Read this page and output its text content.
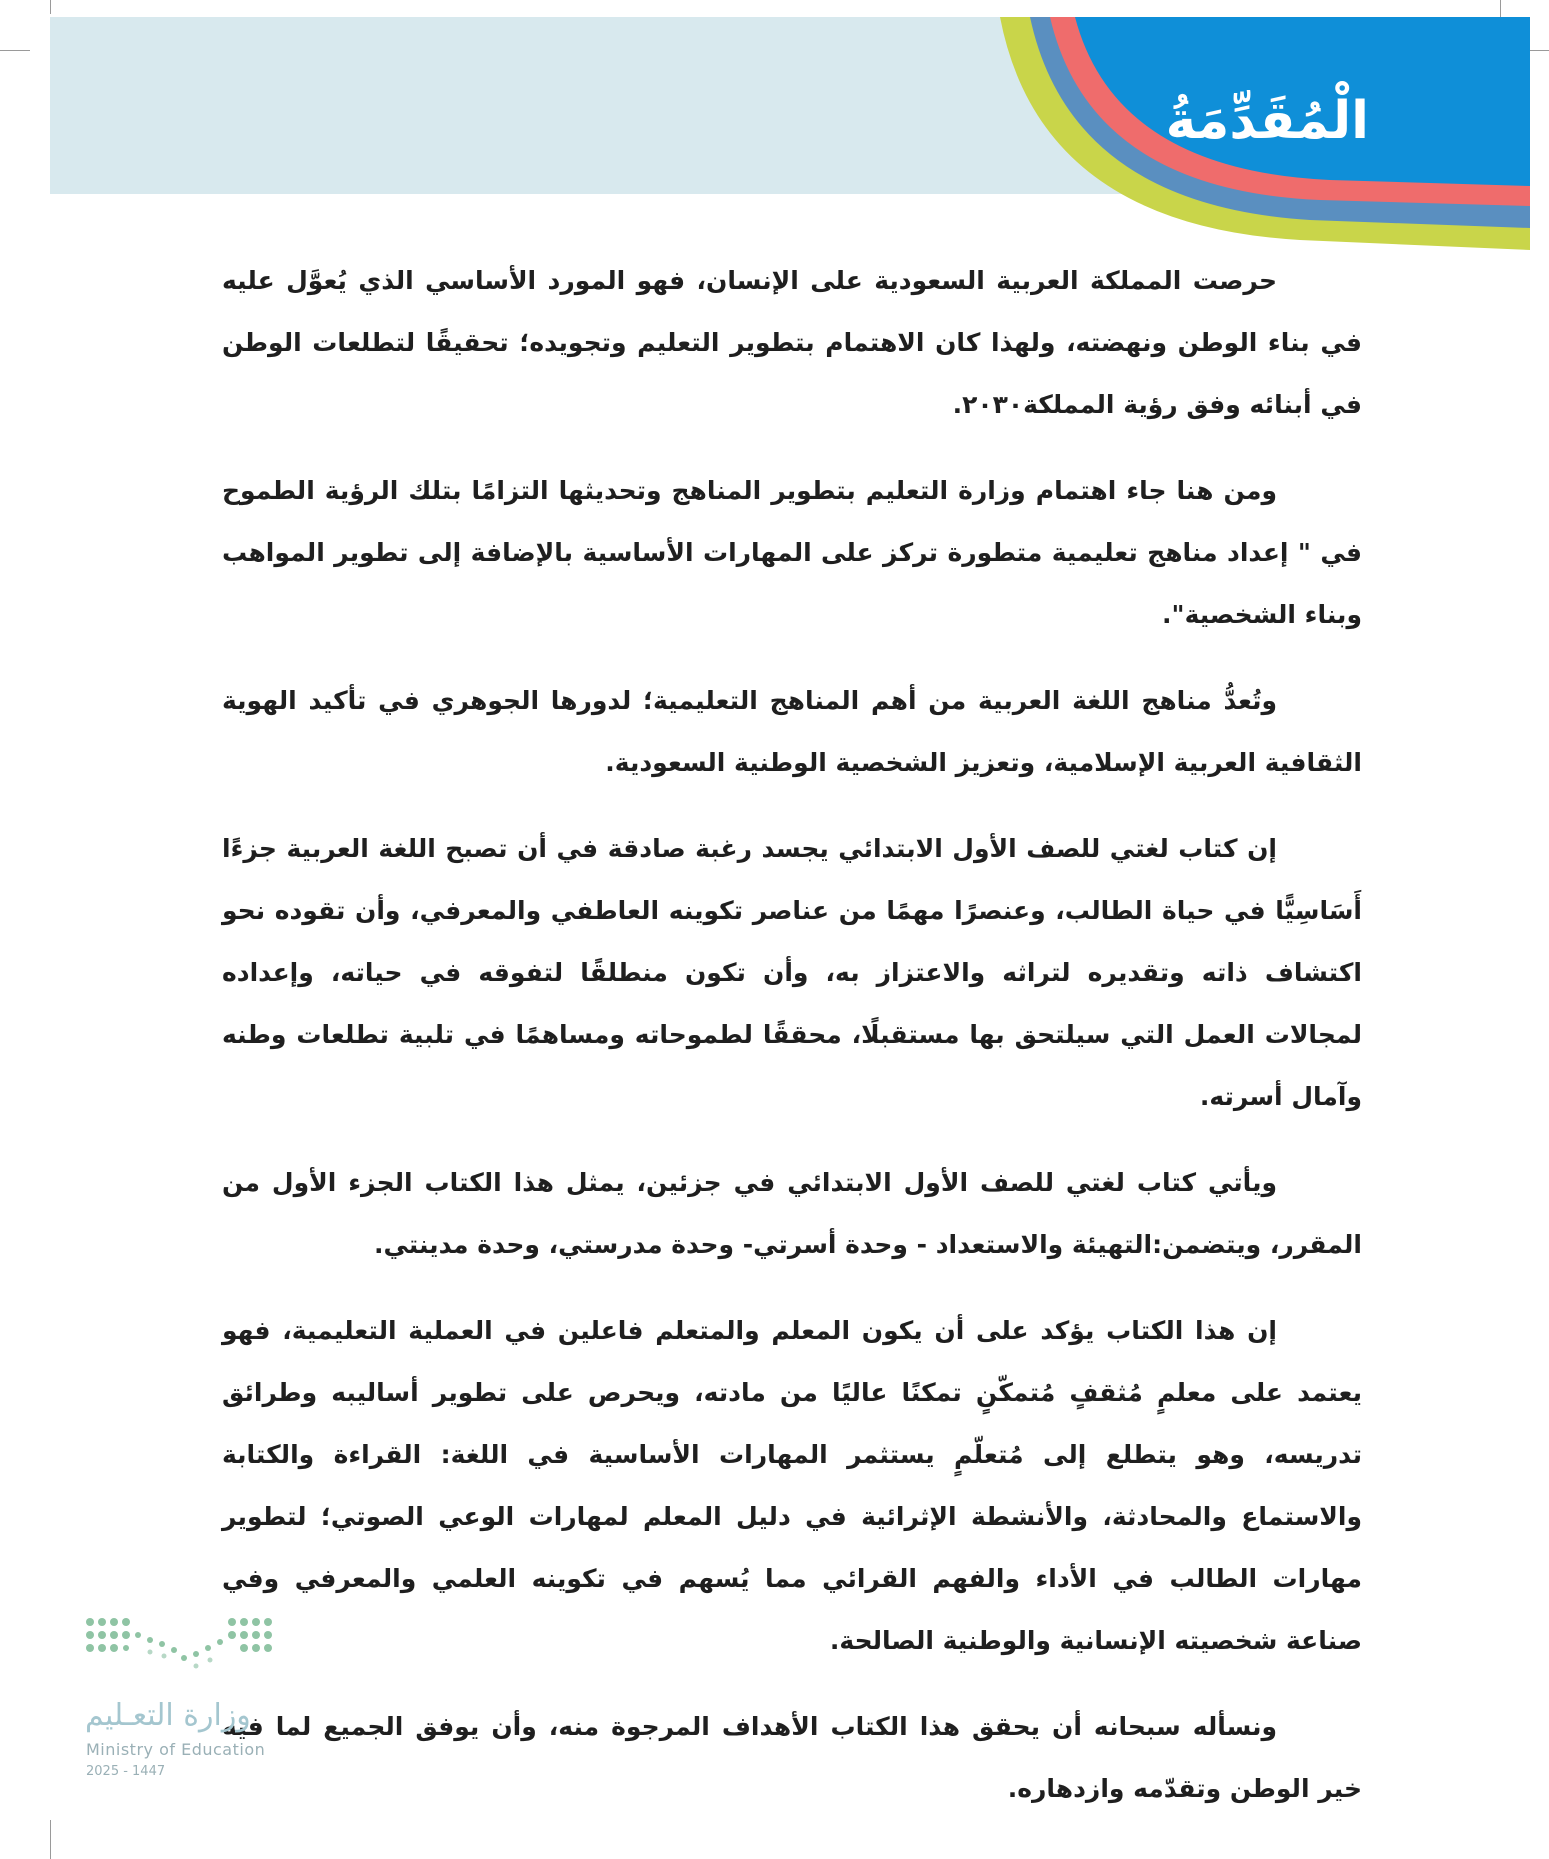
الْمُقَدِّمَةُ

حرصت المملكة العربية السعودية على الإنسان، فهو المورد الأساسي الذي يُعوَّل عليه في بناء الوطن ونهضته، ولهذا كان الاهتمام بتطوير التعليم وتجويده؛ تحقيقًا لتطلعات الوطن في أبنائه وفق رؤية المملكة٢٠٣٠.

ومن هنا جاء اهتمام وزارة التعليم بتطوير المناهج وتحديثها التزامًا بتلك الرؤية الطموح في " إعداد مناهج تعليمية متطورة تركز على المهارات الأساسية بالإضافة إلى تطوير المواهب وبناء الشخصية".

وتُعدُّ مناهج اللغة العربية من أهم المناهج التعليمية؛ لدورها الجوهري في تأكيد الهوية الثقافية العربية الإسلامية، وتعزيز الشخصية الوطنية السعودية.

إن كتاب لغتي للصف الأول الابتدائي يجسد رغبة صادقة في أن تصبح اللغة العربية جزءًا أَسَاسِيًّا في حياة الطالب، وعنصرًا مهمًا من عناصر تكوينه العاطفي والمعرفي، وأن تقوده نحو اكتشاف ذاته وتقديره لتراثه والاعتزاز به، وأن تكون منطلقًا لتفوقه في حياته، وإعداده لمجالات العمل التي سيلتحق بها مستقبلًا، محققًا لطموحاته ومساهمًا في تلبية تطلعات وطنه وآمال أسرته.

ويأتي كتاب لغتي للصف الأول الابتدائي في جزئين، يمثل هذا الكتاب الجزء الأول من المقرر، ويتضمن:التهيئة والاستعداد - وحدة أسرتي- وحدة مدرستي، وحدة مدينتي.

إن هذا الكتاب يؤكد على أن يكون المعلم والمتعلم فاعلين في العملية التعليمية، فهو يعتمد على معلمٍ مُثقفٍ مُتمكّنٍ تمكنًا عاليًا من مادته، ويحرص على تطوير أساليبه وطرائق تدريسه، وهو يتطلع إلى مُتعلّمٍ يستثمر المهارات الأساسية في اللغة: القراءة والكتابة والاستماع والمحادثة، والأنشطة الإثرائية في دليل المعلم لمهارات الوعي الصوتي؛ لتطوير مهارات الطالب في الأداء والفهم القرائي مما يُسهم في تكوينه العلمي والمعرفي وفي صناعة شخصيته الإنسانية والوطنية الصالحة.

ونسأله سبحانه أن يحقق هذا الكتاب الأهداف المرجوة منه، وأن يوفق الجميع لما فيه خير الوطن وتقدّمه وازدهاره.

وزارة التعـليم
Ministry of Education
2025 - 1447
